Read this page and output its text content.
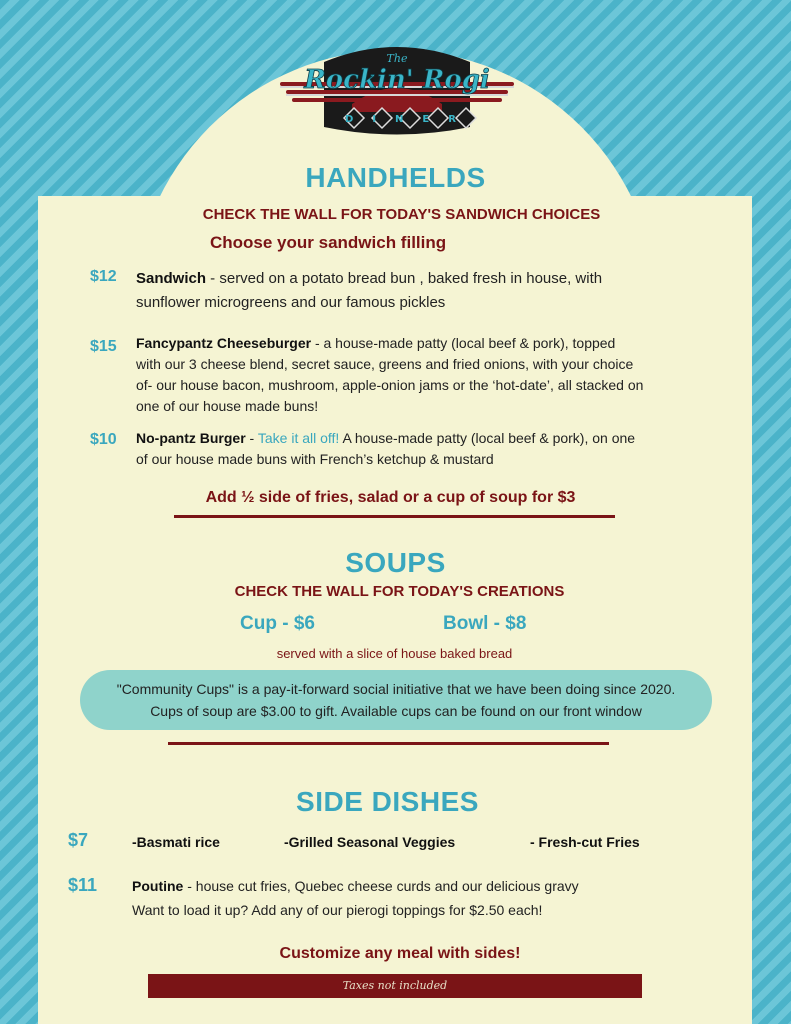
The
Rockin' Rogi
DINER
HANDHELDS
CHECK THE WALL FOR TODAY'S SANDWICH CHOICES
Choose your sandwich filling
$12 Sandwich - served on a potato bread bun , baked fresh in house, with
sunflower microgreens and our famous pickles
$15 Fancypantz Cheeseburger - a house-made patty (local beef & pork), topped
with our 3 cheese blend, secret sauce, greens and fried onions, with your choice
of- our house bacon, mushroom, apple-onion jams or the ‘hot-date’, all stacked on
one of our house made buns!
$10 No-pantz Burger - Take it all off! A house-made patty (local beef & pork), on one
of our house made buns with French’s ketchup & mustard
Add ½ side of fries, salad or a cup of soup for $3
SOUPS
CHECK THE WALL FOR TODAY'S CREATIONS
Cup - $6	Bowl - $8
served with a slice of house baked bread
"Community Cups" is a pay-it-forward social initiative that we have been doing since 2020.
Cups of soup are $3.00 to gift. Available cups can be found on our front window
SIDE DISHES
$7	-Basmati rice	-Grilled Seasonal Veggies	- Fresh-cut Fries
$11 Poutine - house cut fries, Quebec cheese curds and our delicious gravy
Want to load it up? Add any of our pierogi toppings for $2.50 each!
Customize any meal with sides!
Taxes not included
